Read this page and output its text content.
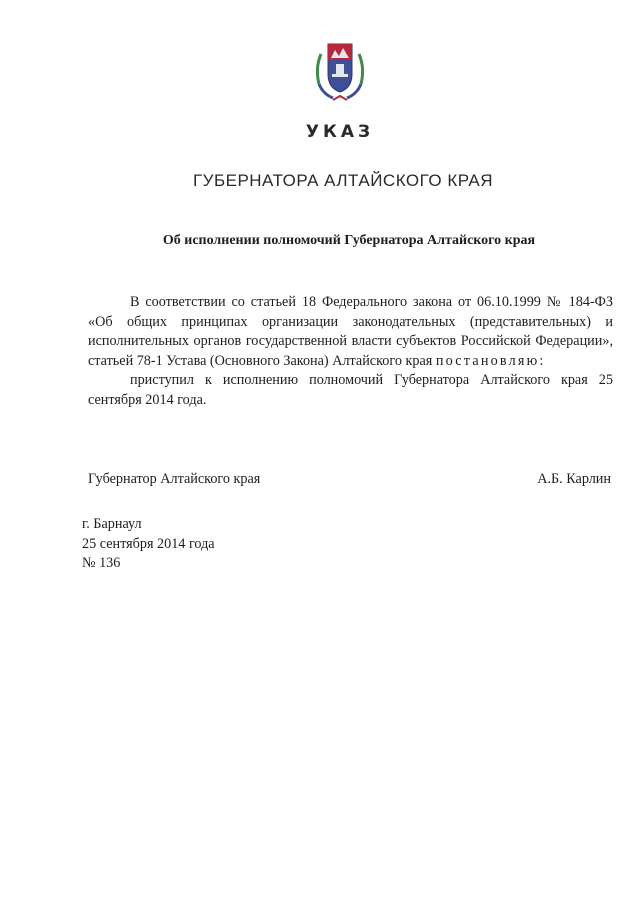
УКАЗ
ГУБЕРНАТОРА АЛТАЙСКОГО КРАЯ
Об исполнении полномочий Губернатора Алтайского края

В соответствии со статьей 18 Федерального закона от 06.10.1999 № 184-ФЗ «Об общих принципах организации законодательных (представительных) и исполнительных органов государственной власти субъектов Российской Федерации», статьей 78-1 Устава (Основного Закона) Алтайского края постановляю:

приступил к исполнению полномочий Губернатора Алтайского края 25 сентября 2014 года.

Губернатор Алтайского края	А.Б. Карлин
г. Барнаул
25 сентября 2014 года
№ 136
